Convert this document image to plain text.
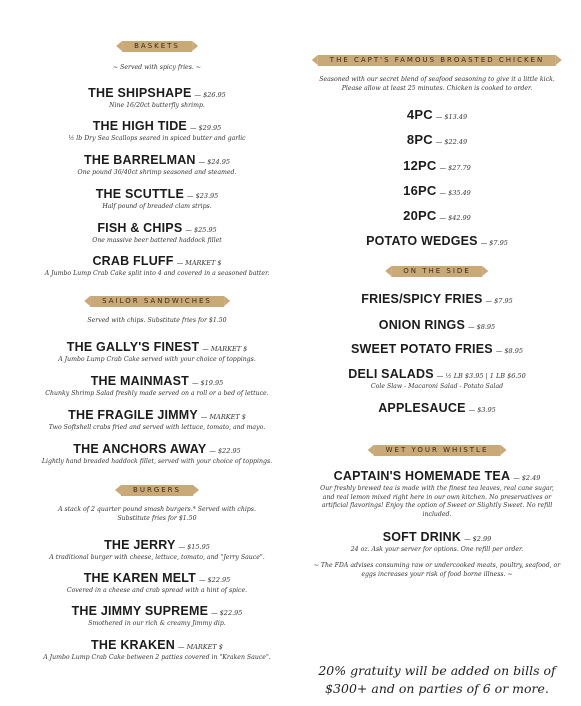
BASKETS
~ Served with spicy fries. ~
THE SHIPSHAPE — $26.95
Nine 16/20ct butterfly shrimp.
THE HIGH TIDE — $29.95
½ lb Dry Sea Scallops seared in spiced butter and garlic
THE BARRELMAN — $24.95
One pound 36/40ct shrimp seasoned and steamed.
THE SCUTTLE — $23.95
Half pound of breaded clam strips.
FISH & CHIPS — $25.95
One massive beer battered haddock fillet
CRAB FLUFF — MARKET $
A Jumbo Lump Crab Cake split into 4 and covered in a seasoned batter.
SAILOR SANDWICHES
Served with chips. Substitute fries for $1.50
THE GALLY'S FINEST — MARKET $
A Jumbo Lump Crab Cake served with your choice of toppings.
THE MAINMAST — $19.95
Chunky Shrimp Salad freshly made served on a roll or a bed of lettuce.
THE FRAGILE JIMMY — MARKET $
Two Softshell crabs fried and served with lettuce, tomato, and mayo.
THE ANCHORS AWAY — $22.95
Lightly hand breaded haddock fillet, served with your choice of toppings.
BURGERS
A stack of 2 quarter pound smash burgers.* Served with chips. Substitute fries for $1.50
THE JERRY — $15.95
A traditional burger with cheese, lettuce, tomato, and "Jerry Sauce".
THE KAREN MELT — $22.95
Covered in a cheese and crab spread with a hint of spice.
THE JIMMY SUPREME — $22.95
Smothered in our rich & creamy Jimmy dip.
THE KRAKEN — MARKET $
A Jumbo Lump Crab Cake between 2 patties covered in "Kraken Sauce".
THE CAPT'S FAMOUS BROASTED CHICKEN
Seasoned with our secret blend of seafood seasoning to give it a little kick. Please allow at least 25 minutes. Chicken is cooked to order.
4PC — $13.49
8PC — $22.49
12PC — $27.79
16PC — $35.49
20PC — $42.99
POTATO WEDGES — $7.95
ON THE SIDE
FRIES/SPICY FRIES — $7.95
ONION RINGS — $8.95
SWEET POTATO FRIES — $8.95
DELI SALADS — ½ LB $3.95 | 1 LB $6.50
Cole Slaw - Macaroni Salad - Potato Salad
APPLESAUCE — $3.95
WET YOUR WHISTLE
CAPTAIN'S HOMEMADE TEA — $2.49
Our freshly brewed tea is made with the finest tea leaves, real cane sugar, and real lemon mixed right here in our own kitchen. No preservatives or artificial flavorings! Enjoy the option of Sweet or Slightly Sweet. No refill included.
SOFT DRINK — $2.99
24 oz. Ask your server for options. One refill per order.
~ The FDA advises consuming raw or undercooked meats, poultry, seafood, or eggs increases your risk of food borne illness. ~
20% gratuity will be added on bills of $300+ and on parties of 6 or more.
